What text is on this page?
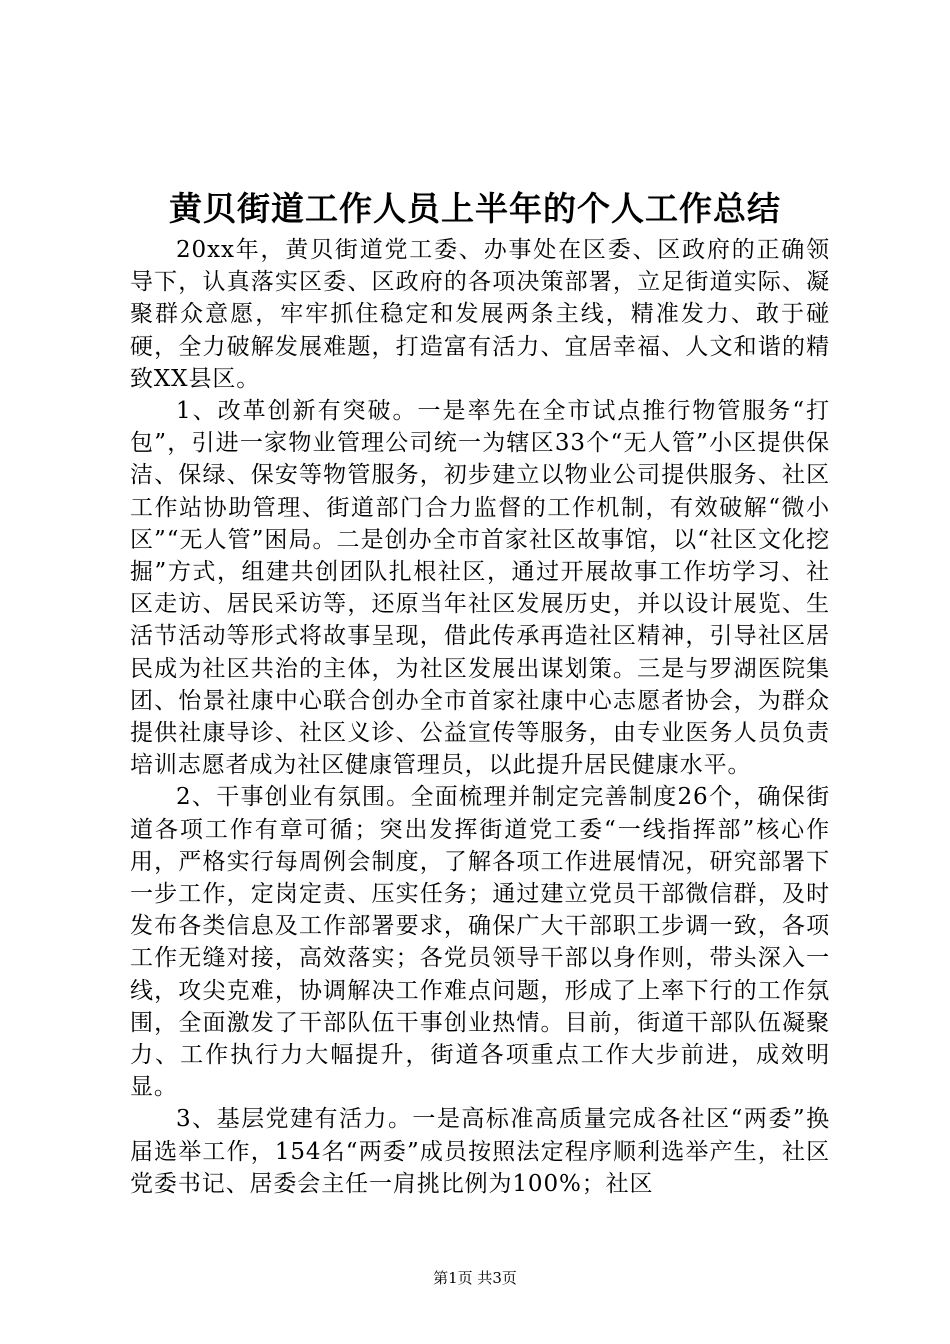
黄贝街道工作人员上半年的个人工作总结

20xx年，黄贝街道党工委、办事处在区委、区政府的正确领导下，认真落实区委、区政府的各项决策部署，立足街道实际、凝聚群众意愿，牢牢抓住稳定和发展两条主线，精准发力、敢于碰硬，全力破解发展难题，打造富有活力、宜居幸福、人文和谐的精致XX县区。

1、改革创新有突破。一是率先在全市试点推行物管服务“打包”，引进一家物业管理公司统一为辖区33个“无人管”小区提供保洁、保绿、保安等物管服务，初步建立以物业公司提供服务、社区工作站协助管理、街道部门合力监督的工作机制，有效破解“微小区”“无人管”困局。二是创办全市首家社区故事馆，以“社区文化挖掘”方式，组建共创团队扎根社区，通过开展故事工作坊学习、社区走访、居民采访等，还原当年社区发展历史，并以设计展览、生活节活动等形式将故事呈现，借此传承再造社区精神，引导社区居民成为社区共治的主体，为社区发展出谋划策。三是与罗湖医院集团、怡景社康中心联合创办全市首家社康中心志愿者协会，为群众提供社康导诊、社区义诊、公益宣传等服务，由专业医务人员负责培训志愿者成为社区健康管理员，以此提升居民健康水平。

2、干事创业有氛围。全面梳理并制定完善制度26个，确保街道各项工作有章可循；突出发挥街道党工委“一线指挥部”核心作用，严格实行每周例会制度，了解各项工作进展情况，研究部署下一步工作，定岗定责、压实任务；通过建立党员干部微信群，及时发布各类信息及工作部署要求，确保广大干部职工步调一致，各项工作无缝对接，高效落实；各党员领导干部以身作则，带头深入一线，攻尖克难，协调解决工作难点问题，形成了上率下行的工作氛围，全面激发了干部队伍干事创业热情。目前，街道干部队伍凝聚力、工作执行力大幅提升，街道各项重点工作大步前进，成效明显。

3、基层党建有活力。一是高标准高质量完成各社区“两委”换届选举工作，154名“两委”成员按照法定程序顺利选举产生，社区党委书记、居委会主任一肩挑比例为100%；社区

第1页 共3页
